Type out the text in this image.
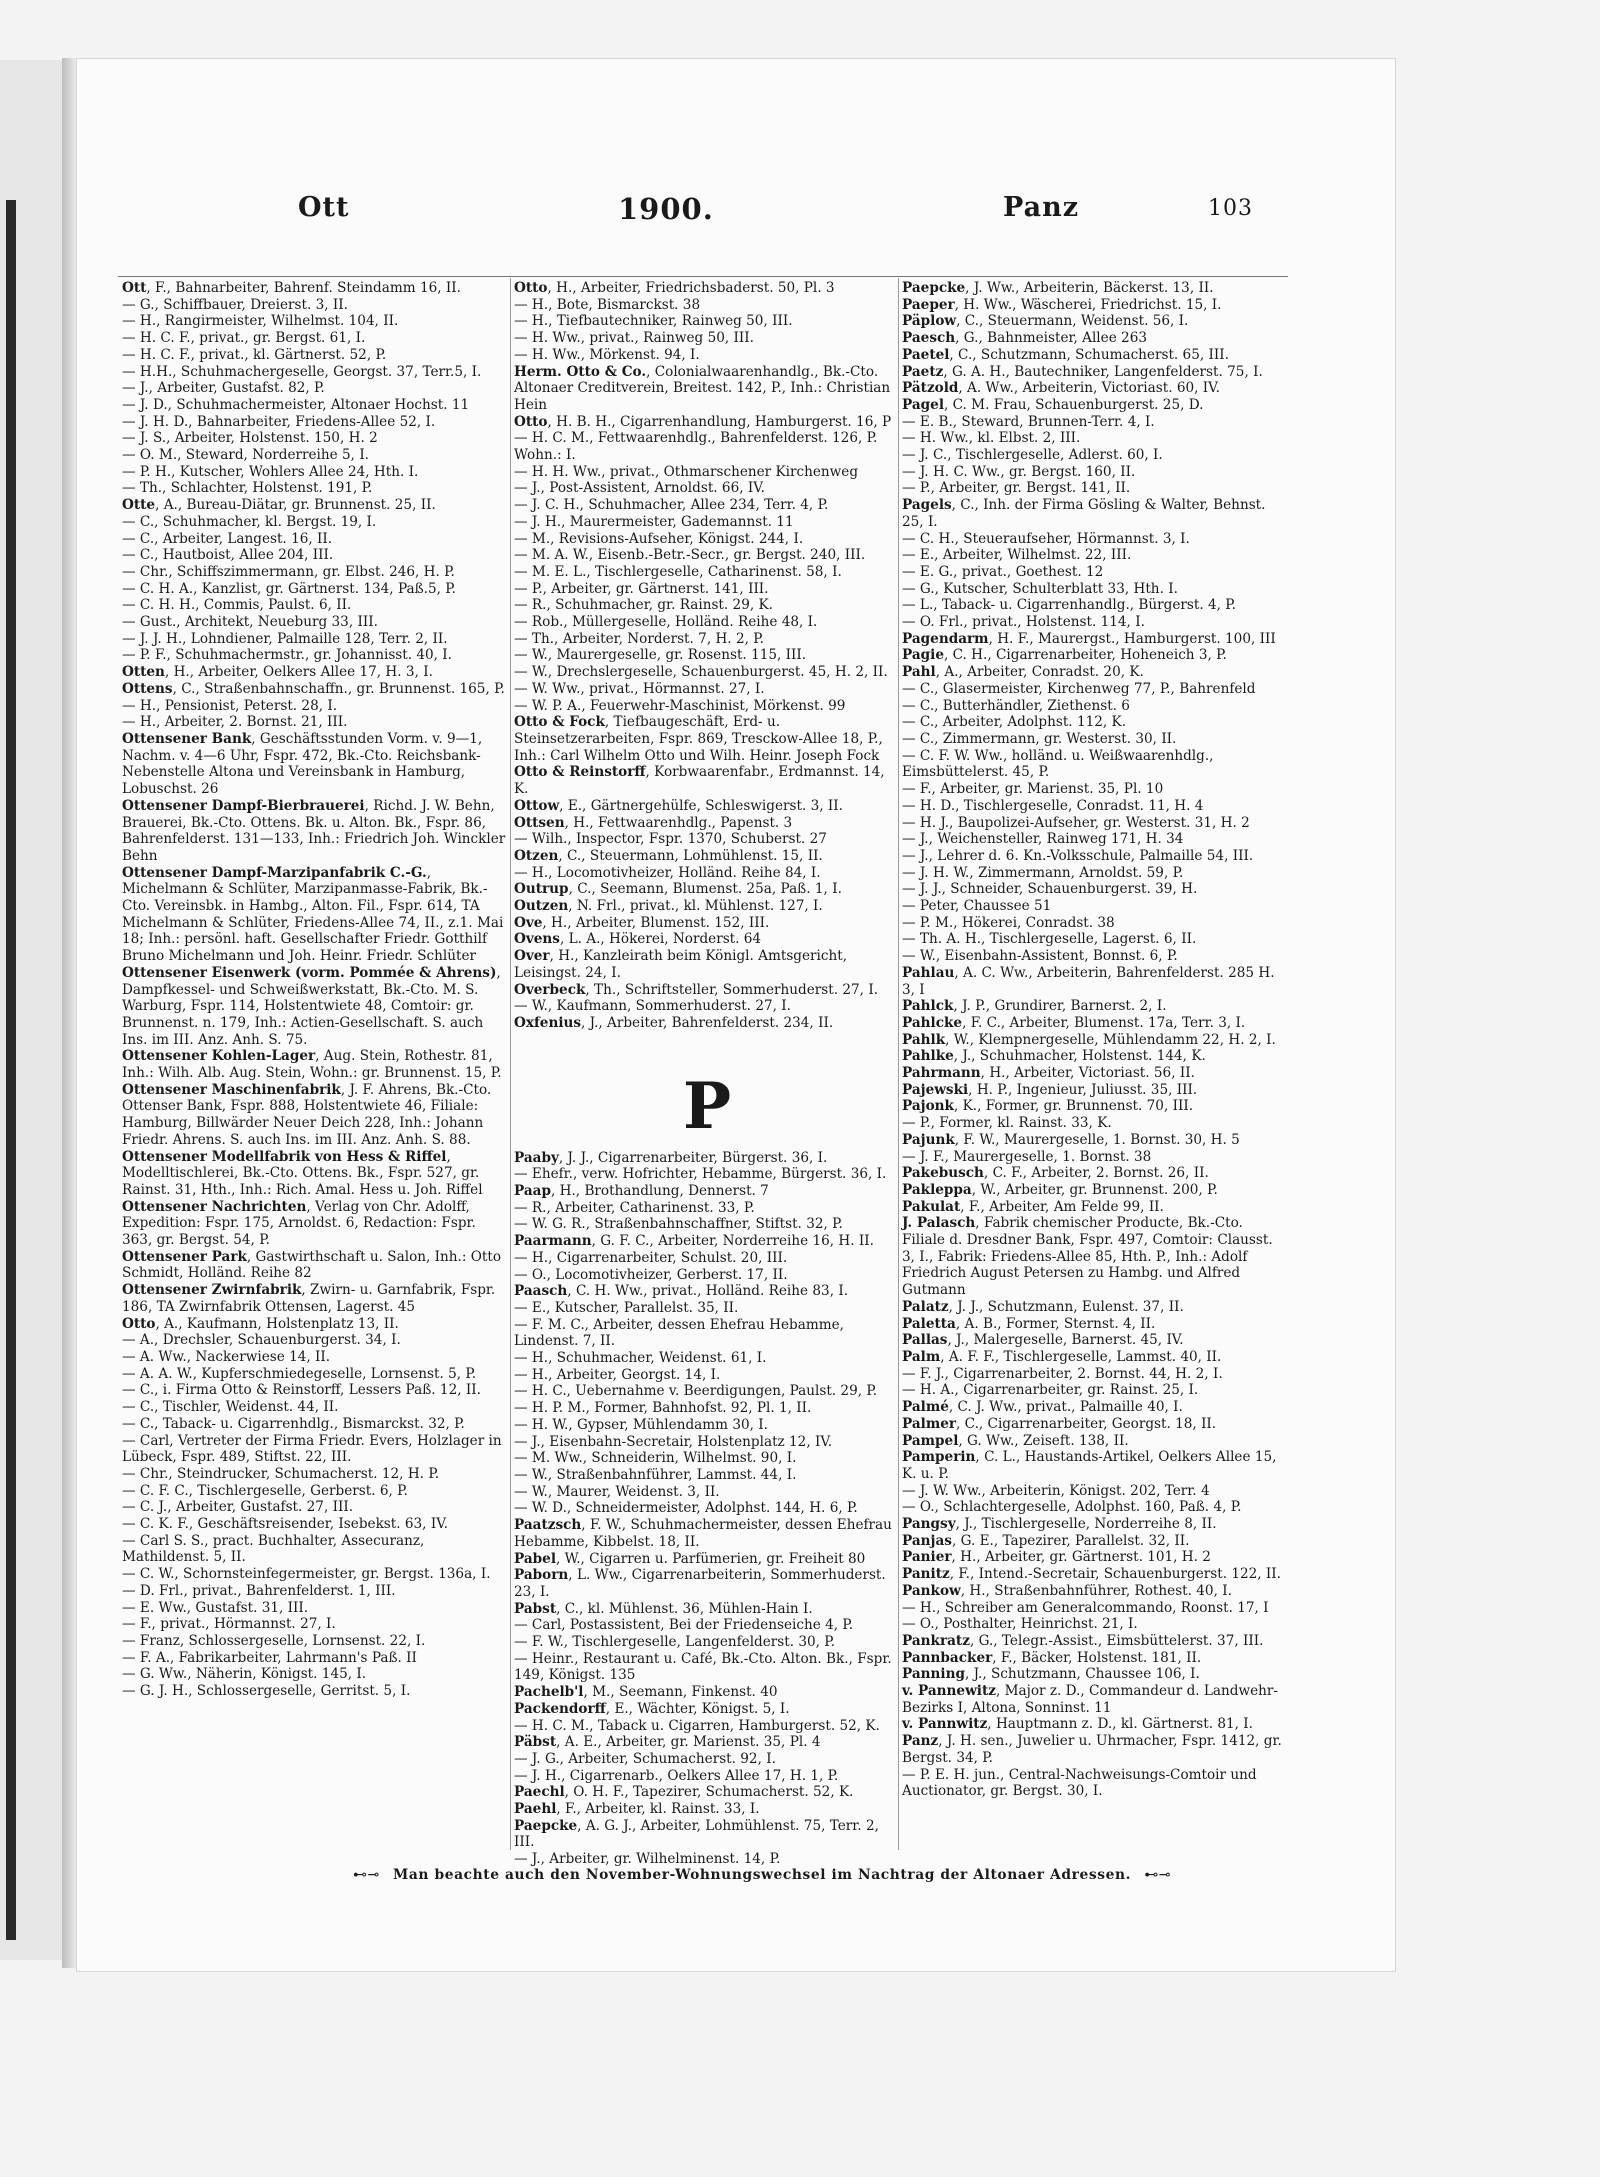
Ott	1900.	Panz	103

Ott, F., Bahnarbeiter, Bahrenf. Steindamm 16, II.

— G., Schiffbauer, Dreierst. 3, II.

— H., Rangirmeister, Wilhelmst. 104, II.

— H. C. F., privat., gr. Bergst. 61, I.

— H. C. F., privat., kl. Gärtnerst. 52, P.

— H.H., Schuhmachergeselle, Georgst. 37, Terr.5, I.

— J., Arbeiter, Gustafst. 82, P.

— J. D., Schuhmachermeister, Altonaer Hochst. 11

— J. H. D., Bahnarbeiter, Friedens-Allee 52, I.

— J. S., Arbeiter, Holstenst. 150, H. 2

— O. M., Steward, Norderreihe 5, I.

— P. H., Kutscher, Wohlers Allee 24, Hth. I.

— Th., Schlachter, Holstenst. 191, P.

Otte, A., Bureau-Diätar, gr. Brunnenst. 25, II.

— C., Schuhmacher, kl. Bergst. 19, I.

— C., Arbeiter, Langest. 16, II.

— C., Hautboist, Allee 204, III.

— Chr., Schiffszimmermann, gr. Elbst. 246, H. P.

— C. H. A., Kanzlist, gr. Gärtnerst. 134, Paß.5, P.

— C. H. H., Commis, Paulst. 6, II.

— Gust., Architekt, Neueburg 33, III.

— J. J. H., Lohndiener, Palmaille 128, Terr. 2, II.

— P. F., Schuhmachermstr., gr. Johannisst. 40, I.

Otten, H., Arbeiter, Oelkers Allee 17, H. 3, I.

Ottens, C., Straßenbahnschaffn., gr. Brunnenst. 165, P.

— H., Pensionist, Peterst. 28, I.

— H., Arbeiter, 2. Bornst. 21, III.

Ottensener Bank, Geschäftsstunden Vorm. v. 9—1, Nachm. v. 4—6 Uhr, Fspr. 472, Bk.-Cto. Reichsbank-Nebenstelle Altona und Vereinsbank in Hamburg, Lobuschst. 26

Ottensener Dampf-Bierbrauerei, Richd. J. W. Behn, Brauerei, Bk.-Cto. Ottens. Bk. u. Alton. Bk., Fspr. 86, Bahrenfelderst. 131—133, Inh.: Friedrich Joh. Winckler Behn

Ottensener Dampf-Marzipanfabrik C.-G., Michelmann & Schlüter, Marzipanmasse-Fabrik, Bk.-Cto. Vereinsbk. in Hambg., Alton. Fil., Fspr. 614, TA Michelmann & Schlüter, Friedens-Allee 74, II., z.1. Mai 18; Inh.: persönl. haft. Gesellschafter Friedr. Gotthilf Bruno Michelmann und Joh. Heinr. Friedr. Schlüter

Ottensener Eisenwerk (vorm. Pommée & Ahrens), Dampfkessel- und Schweißwerkstatt, Bk.-Cto. M. S. Warburg, Fspr. 114, Holstentwiete 48, Comtoir: gr. Brunnenst. n. 179, Inh.: Actien-Gesellschaft. S. auch Ins. im III. Anz. Anh. S. 75.

Ottensener Kohlen-Lager, Aug. Stein, Rothestr. 81, Inh.: Wilh. Alb. Aug. Stein, Wohn.: gr. Brunnenst. 15, P.

Ottensener Maschinenfabrik, J. F. Ahrens, Bk.-Cto. Ottenser Bank, Fspr. 888, Holstentwiete 46, Filiale: Hamburg, Billwärder Neuer Deich 228, Inh.: Johann Friedr. Ahrens. S. auch Ins. im III. Anz. Anh. S. 88.

Ottensener Modellfabrik von Hess & Riffel, Modelltischlerei, Bk.-Cto. Ottens. Bk., Fspr. 527, gr. Rainst. 31, Hth., Inh.: Rich. Amal. Hess u. Joh. Riffel

Ottensener Nachrichten, Verlag von Chr. Adolff, Expedition: Fspr. 175, Arnoldst. 6, Redaction: Fspr. 363, gr. Bergst. 54, P.

Ottensener Park, Gastwirthschaft u. Salon, Inh.: Otto Schmidt, Holländ. Reihe 82

Ottensener Zwirnfabrik, Zwirn- u. Garnfabrik, Fspr. 186, TA Zwirnfabrik Ottensen, Lagerst. 45

Otto, A., Kaufmann, Holstenplatz 13, II.

— A., Drechsler, Schauenburgerst. 34, I.

— A. Ww., Nackerwiese 14, II.

— A. A. W., Kupferschmiedegeselle, Lornsenst. 5, P.

— C., i. Firma Otto & Reinstorff, Lessers Paß. 12, II.

— C., Tischler, Weidenst. 44, II.

— C., Taback- u. Cigarrenhdlg., Bismarckst. 32, P.

— Carl, Vertreter der Firma Friedr. Evers, Holzlager in Lübeck, Fspr. 489, Stiftst. 22, III.

— Chr., Steindrucker, Schumacherst. 12, H. P.

— C. F. C., Tischlergeselle, Gerberst. 6, P.

— C. J., Arbeiter, Gustafst. 27, III.

— C. K. F., Geschäftsreisender, Isebekst. 63, IV.

— Carl S. S., pract. Buchhalter, Assecuranz, Mathildenst. 5, II.

— C. W., Schornsteinfegermeister, gr. Bergst. 136a, I.

— D. Frl., privat., Bahrenfelderst. 1, III.

— E. Ww., Gustafst. 31, III.

— F., privat., Hörmannst. 27, I.

— Franz, Schlossergeselle, Lornsenst. 22, I.

— F. A., Fabrikarbeiter, Lahrmann's Paß. II

— G. Ww., Näherin, Königst. 145, I.

— G. J. H., Schlossergeselle, Gerritst. 5, I.

Otto, H., Arbeiter, Friedrichsbaderst. 50, Pl. 3

— H., Bote, Bismarckst. 38

— H., Tiefbautechniker, Rainweg 50, III.

— H. Ww., privat., Rainweg 50, III.

— H. Ww., Mörkenst. 94, I.

Herm. Otto & Co., Colonialwaarenhandlg., Bk.-Cto. Altonaer Creditverein, Breitest. 142, P., Inh.: Christian Hein

Otto, H. B. H., Cigarrenhandlung, Hamburgerst. 16, P

— H. C. M., Fettwaarenhdlg., Bahrenfelderst. 126, P. Wohn.: I.

— H. H. Ww., privat., Othmarschener Kirchenweg

— J., Post-Assistent, Arnoldst. 66, IV.

— J. C. H., Schuhmacher, Allee 234, Terr. 4, P.

— J. H., Maurermeister, Gademannst. 11

— M., Revisions-Aufseher, Königst. 244, I.

— M. A. W., Eisenb.-Betr.-Secr., gr. Bergst. 240, III.

— M. E. L., Tischlergeselle, Catharinenst. 58, I.

— P., Arbeiter, gr. Gärtnerst. 141, III.

— R., Schuhmacher, gr. Rainst. 29, K.

— Rob., Müllergeselle, Holländ. Reihe 48, I.

— Th., Arbeiter, Norderst. 7, H. 2, P.

— W., Maurergeselle, gr. Rosenst. 115, III.

— W., Drechslergeselle, Schauenburgerst. 45, H. 2, II.

— W. Ww., privat., Hörmannst. 27, I.

— W. P. A., Feuerwehr-Maschinist, Mörkenst. 99

Otto & Fock, Tiefbaugeschäft, Erd- u. Steinsetzerarbeiten, Fspr. 869, Tresckow-Allee 18, P., Inh.: Carl Wilhelm Otto und Wilh. Heinr. Joseph Fock

Otto & Reinstorff, Korbwaarenfabr., Erdmannst. 14, K.

Ottow, E., Gärtnergehülfe, Schleswigerst. 3, II.

Ottsen, H., Fettwaarenhdlg., Papenst. 3

— Wilh., Inspector, Fspr. 1370, Schuberst. 27

Otzen, C., Steuermann, Lohmühlenst. 15, II.

— H., Locomotivheizer, Holländ. Reihe 84, I.

Outrup, C., Seemann, Blumenst. 25a, Paß. 1, I.

Outzen, N. Frl., privat., kl. Mühlenst. 127, I.

Ove, H., Arbeiter, Blumenst. 152, III.

Ovens, L. A., Hökerei, Norderst. 64

Over, H., Kanzleirath beim Königl. Amtsgericht, Leisingst. 24, I.

Overbeck, Th., Schriftsteller, Sommerhuderst. 27, I.

— W., Kaufmann, Sommerhuderst. 27, I.

Oxfenius, J., Arbeiter, Bahrenfelderst. 234, II.

P

Paaby, J. J., Cigarrenarbeiter, Bürgerst. 36, I.

— Ehefr., verw. Hofrichter, Hebamme, Bürgerst. 36, I.

Paap, H., Brothandlung, Dennerst. 7

— R., Arbeiter, Catharinenst. 33, P.

— W. G. R., Straßenbahnschaffner, Stiftst. 32, P.

Paarmann, G. F. C., Arbeiter, Norderreihe 16, H. II.

— H., Cigarrenarbeiter, Schulst. 20, III.

— O., Locomotivheizer, Gerberst. 17, II.

Paasch, C. H. Ww., privat., Holländ. Reihe 83, I.

— E., Kutscher, Parallelst. 35, II.

— F. M. C., Arbeiter, dessen Ehefrau Hebamme, Lindenst. 7, II.

— H., Schuhmacher, Weidenst. 61, I.

— H., Arbeiter, Georgst. 14, I.

— H. C., Uebernahme v. Beerdigungen, Paulst. 29, P.

— H. P. M., Former, Bahnhofst. 92, Pl. 1, II.

— H. W., Gypser, Mühlendamm 30, I.

— J., Eisenbahn-Secretair, Holstenplatz 12, IV.

— M. Ww., Schneiderin, Wilhelmst. 90, I.

— W., Straßenbahnführer, Lammst. 44, I.

— W., Maurer, Weidenst. 3, II.

— W. D., Schneidermeister, Adolphst. 144, H. 6, P.

Paatzsch, F. W., Schuhmachermeister, dessen Ehefrau Hebamme, Kibbelst. 18, II.

Pabel, W., Cigarren u. Parfümerien, gr. Freiheit 80

Paborn, L. Ww., Cigarrenarbeiterin, Sommerhuderst. 23, I.

Pabst, C., kl. Mühlenst. 36, Mühlen-Hain I.

— Carl, Postassistent, Bei der Friedenseiche 4, P.

— F. W., Tischlergeselle, Langenfelderst. 30, P.

— Heinr., Restaurant u. Café, Bk.-Cto. Alton. Bk., Fspr. 149, Königst. 135

Pachelb'l, M., Seemann, Finkenst. 40

Packendorff, E., Wächter, Königst. 5, I.

— H. C. M., Taback u. Cigarren, Hamburgerst. 52, K.

Päbst, A. E., Arbeiter, gr. Marienst. 35, Pl. 4

— J. G., Arbeiter, Schumacherst. 92, I.

— J. H., Cigarrenarb., Oelkers Allee 17, H. 1, P.

Paechl, O. H. F., Tapezirer, Schumacherst. 52, K.

Paehl, F., Arbeiter, kl. Rainst. 33, I.

Paepcke, A. G. J., Arbeiter, Lohmühlenst. 75, Terr. 2, III.

— J., Arbeiter, gr. Wilhelminenst. 14, P.

Paepcke, J. Ww., Arbeiterin, Bäckerst. 13, II.

Paeper, H. Ww., Wäscherei, Friedrichst. 15, I.

Päplow, C., Steuermann, Weidenst. 56, I.

Paesch, G., Bahnmeister, Allee 263

Paetel, C., Schutzmann, Schumacherst. 65, III.

Paetz, G. A. H., Bautechniker, Langenfelderst. 75, I.

Pätzold, A. Ww., Arbeiterin, Victoriast. 60, IV.

Pagel, C. M. Frau, Schauenburgerst. 25, D.

— E. B., Steward, Brunnen-Terr. 4, I.

— H. Ww., kl. Elbst. 2, III.

— J. C., Tischlergeselle, Adlerst. 60, I.

— J. H. C. Ww., gr. Bergst. 160, II.

— P., Arbeiter, gr. Bergst. 141, II.

Pagels, C., Inh. der Firma Gösling & Walter, Behnst. 25, I.

— C. H., Steueraufseher, Hörmannst. 3, I.

— E., Arbeiter, Wilhelmst. 22, III.

— E. G., privat., Goethest. 12

— G., Kutscher, Schulterblatt 33, Hth. I.

— L., Taback- u. Cigarrenhandlg., Bürgerst. 4, P.

— O. Frl., privat., Holstenst. 114, I.

Pagendarm, H. F., Maurergst., Hamburgerst. 100, III

Pagie, C. H., Cigarrenarbeiter, Hoheneich 3, P.

Pahl, A., Arbeiter, Conradst. 20, K.

— C., Glasermeister, Kirchenweg 77, P., Bahrenfeld

— C., Butterhändler, Ziethenst. 6

— C., Arbeiter, Adolphst. 112, K.

— C., Zimmermann, gr. Westerst. 30, II.

— C. F. W. Ww., holländ. u. Weißwaarenhdlg., Eimsbüttelerst. 45, P.

— F., Arbeiter, gr. Marienst. 35, Pl. 10

— H. D., Tischlergeselle, Conradst. 11, H. 4

— H. J., Baupolizei-Aufseher, gr. Westerst. 31, H. 2

— J., Weichensteller, Rainweg 171, H. 34

— J., Lehrer d. 6. Kn.-Volksschule, Palmaille 54, III.

— J. H. W., Zimmermann, Arnoldst. 59, P.

— J. J., Schneider, Schauenburgerst. 39, H.

— Peter, Chaussee 51

— P. M., Hökerei, Conradst. 38

— Th. A. H., Tischlergeselle, Lagerst. 6, II.

— W., Eisenbahn-Assistent, Bonnst. 6, P.

Pahlau, A. C. Ww., Arbeiterin, Bahrenfelderst. 285 H. 3, I

Pahlck, J. P., Grundirer, Barnerst. 2, I.

Pahlcke, F. C., Arbeiter, Blumenst. 17a, Terr. 3, I.

Pahlk, W., Klempnergeselle, Mühlendamm 22, H. 2, I.

Pahlke, J., Schuhmacher, Holstenst. 144, K.

Pahrmann, H., Arbeiter, Victoriast. 56, II.

Pajewski, H. P., Ingenieur, Juliusst. 35, III.

Pajonk, K., Former, gr. Brunnenst. 70, III.

— P., Former, kl. Rainst. 33, K.

Pajunk, F. W., Maurergeselle, 1. Bornst. 30, H. 5

— J. F., Maurergeselle, 1. Bornst. 38

Pakebusch, C. F., Arbeiter, 2. Bornst. 26, II.

Pakleppa, W., Arbeiter, gr. Brunnenst. 200, P.

Pakulat, F., Arbeiter, Am Felde 99, II.

J. Palasch, Fabrik chemischer Producte, Bk.-Cto. Filiale d. Dresdner Bank, Fspr. 497, Comtoir: Clausst. 3, I., Fabrik: Friedens-Allee 85, Hth. P., Inh.: Adolf Friedrich August Petersen zu Hambg. und Alfred Gutmann

Palatz, J. J., Schutzmann, Eulenst. 37, II.

Paletta, A. B., Former, Sternst. 4, II.

Pallas, J., Malergeselle, Barnerst. 45, IV.

Palm, A. F. F., Tischlergeselle, Lammst. 40, II.

— F. J., Cigarrenarbeiter, 2. Bornst. 44, H. 2, I.

— H. A., Cigarrenarbeiter, gr. Rainst. 25, I.

Palmé, C. J. Ww., privat., Palmaille 40, I.

Palmer, C., Cigarrenarbeiter, Georgst. 18, II.

Pampel, G. Ww., Zeiseft. 138, II.

Pamperin, C. L., Haustands-Artikel, Oelkers Allee 15, K. u. P.

— J. W. Ww., Arbeiterin, Königst. 202, Terr. 4

— O., Schlachtergeselle, Adolphst. 160, Paß. 4, P.

Pangsy, J., Tischlergeselle, Norderreihe 8, II.

Panjas, G. E., Tapezirer, Parallelst. 32, II.

Panier, H., Arbeiter, gr. Gärtnerst. 101, H. 2

Panitz, F., Intend.-Secretair, Schauenburgerst. 122, II.

Pankow, H., Straßenbahnführer, Rothest. 40, I.

— H., Schreiber am Generalcommando, Roonst. 17, I

— O., Posthalter, Heinrichst. 21, I.

Pankratz, G., Telegr.-Assist., Eimsbüttelerst. 37, III.

Pannbacker, F., Bäcker, Holstenst. 181, II.

Panning, J., Schutzmann, Chaussee 106, I.

v. Pannewitz, Major z. D., Commandeur d. Landwehr-Bezirks I, Altona, Sonninst. 11

v. Pannwitz, Hauptmann z. D., kl. Gärtnerst. 81, I.

Panz, J. H. sen., Juwelier u. Uhrmacher, Fspr. 1412, gr. Bergst. 34, P.

— P. E. H. jun., Central-Nachweisungs-Comtoir und Auctionator, gr. Bergst. 30, I.

⊷⊸ Man beachte auch den November-Wohnungswechsel im Nachtrag der Altonaer Adressen. ⊷⊸
